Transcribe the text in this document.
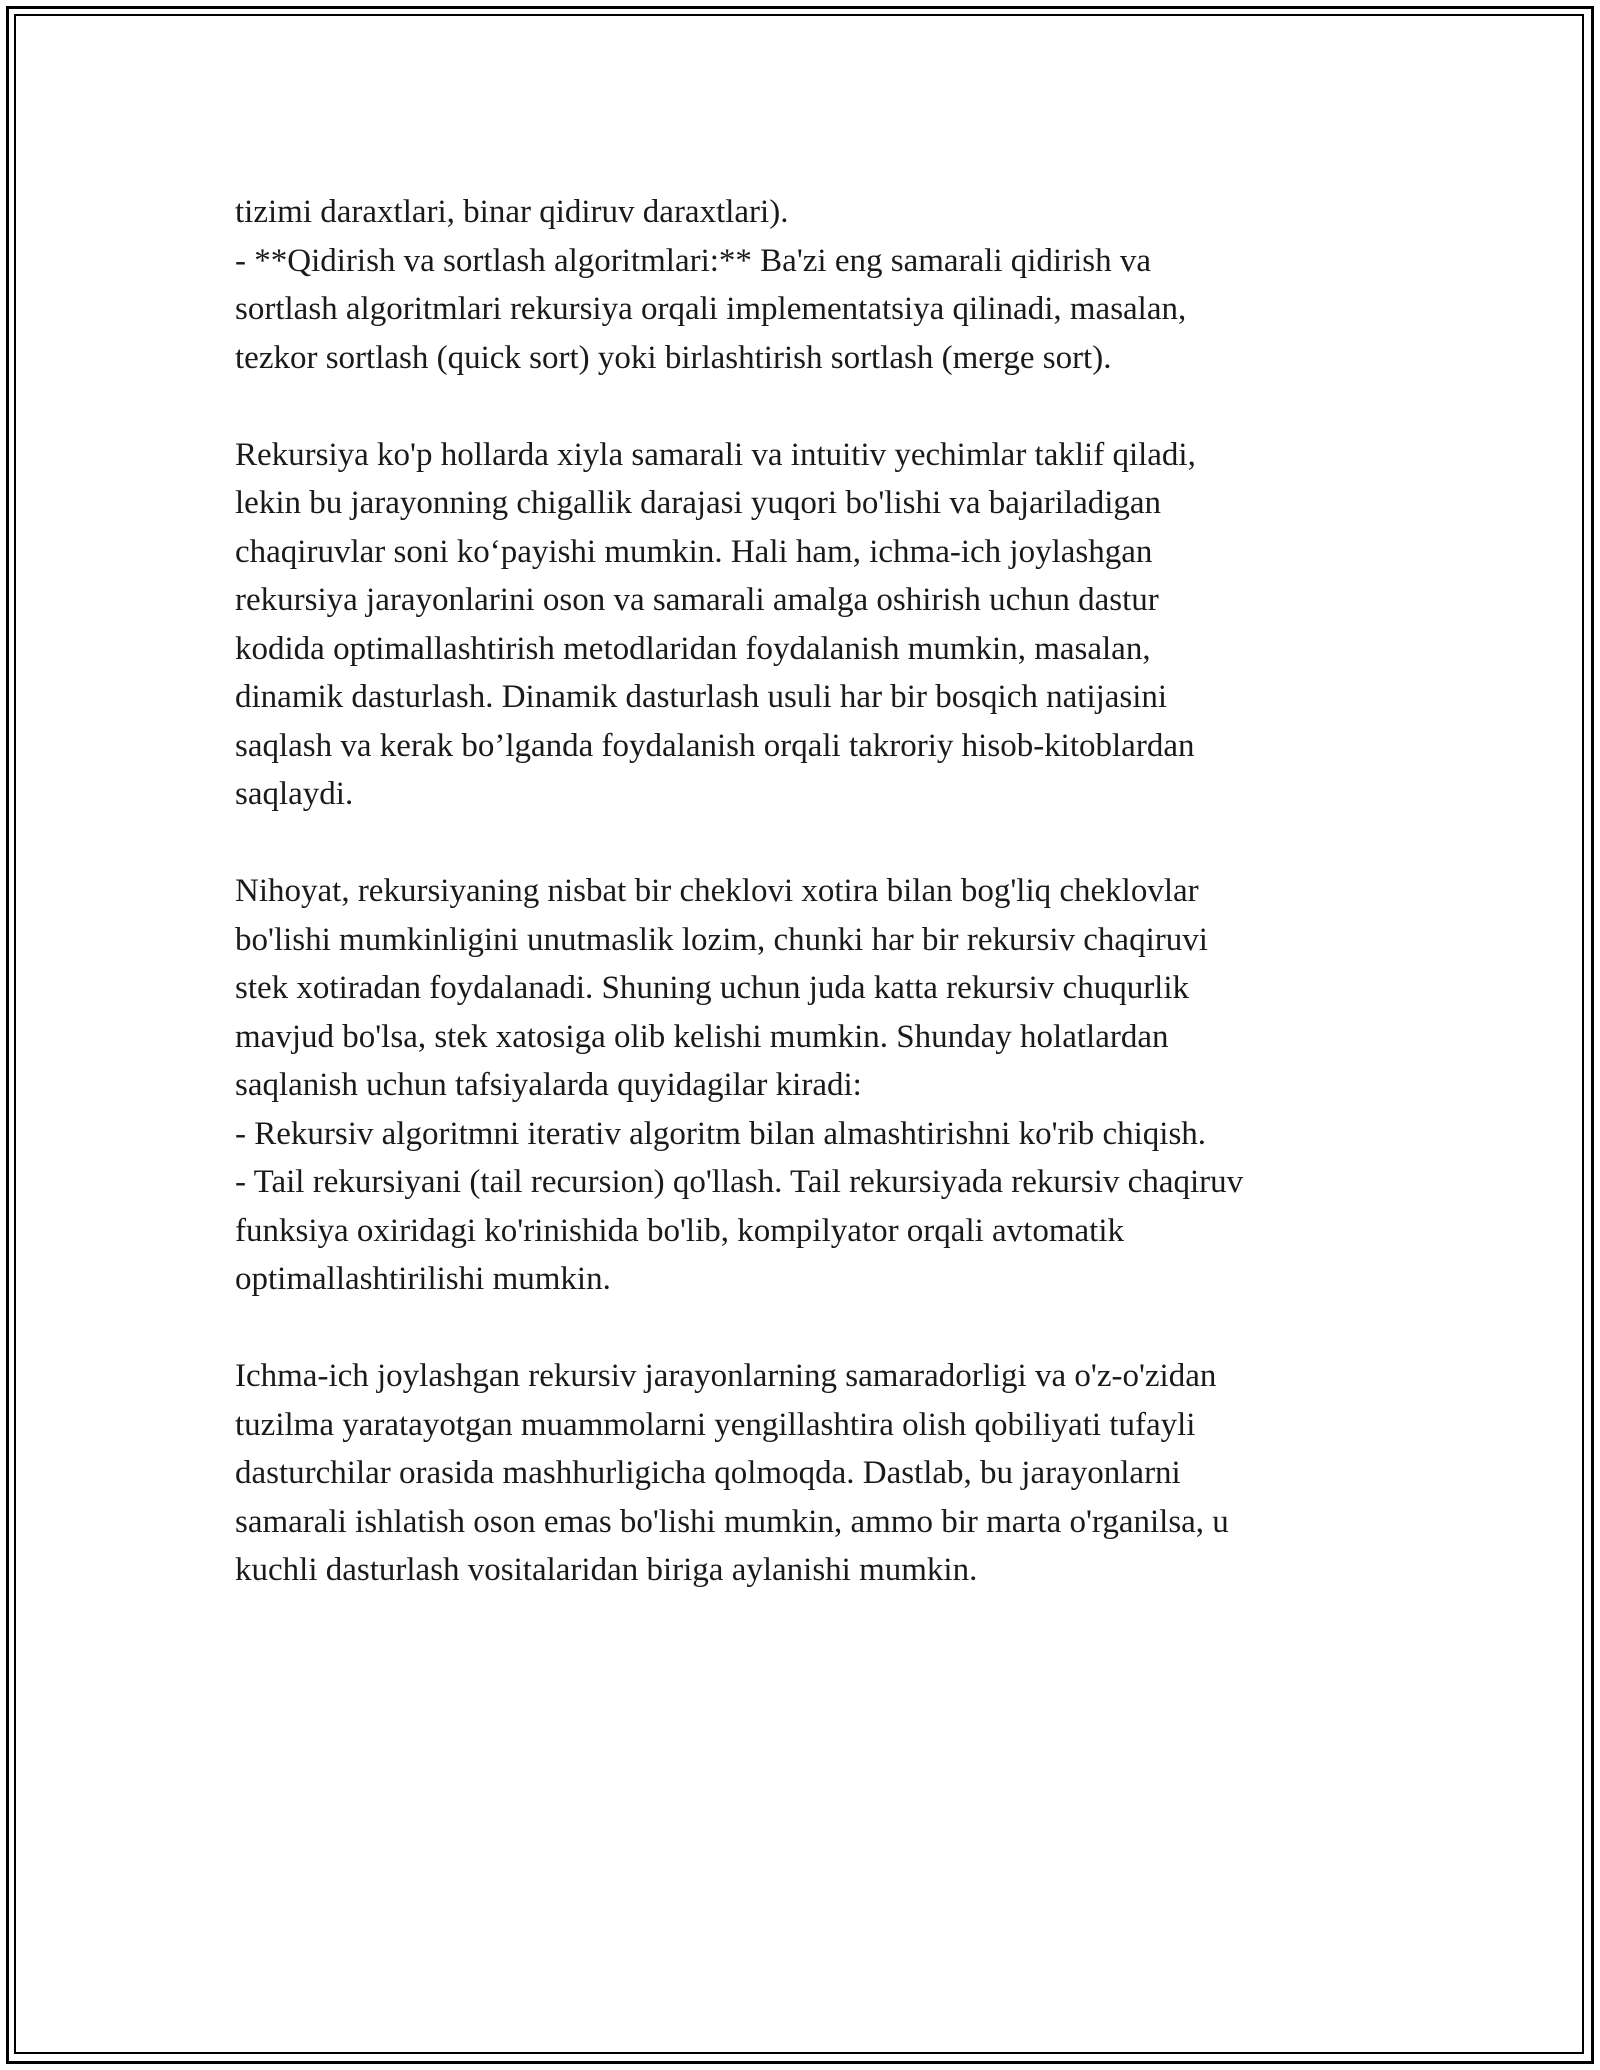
tizimi daraxtlari, binar qidiruv daraxtlari).
- **Qidirish va sortlash algoritmlari:** Ba'zi eng samarali qidirish va
sortlash algoritmlari rekursiya orqali implementatsiya qilinadi, masalan,
tezkor sortlash (quick sort) yoki birlashtirish sortlash (merge sort).
Rekursiya ko'p hollarda xiyla samarali va intuitiv yechimlar taklif qiladi,
lekin bu jarayonning chigallik darajasi yuqori bo'lishi va bajariladigan
chaqiruvlar soni ko‘payishi mumkin. Hali ham, ichma-ich joylashgan
rekursiya jarayonlarini oson va samarali amalga oshirish uchun dastur
kodida optimallashtirish metodlaridan foydalanish mumkin, masalan,
dinamik dasturlash. Dinamik dasturlash usuli har bir bosqich natijasini
saqlash va kerak bo’lganda foydalanish orqali takroriy hisob-kitoblardan
saqlaydi.
Nihoyat, rekursiyaning nisbat bir cheklovi xotira bilan bog'liq cheklovlar
bo'lishi mumkinligini unutmaslik lozim, chunki har bir rekursiv chaqiruvi
stek xotiradan foydalanadi. Shuning uchun juda katta rekursiv chuqurlik
mavjud bo'lsa, stek xatosiga olib kelishi mumkin. Shunday holatlardan
saqlanish uchun tafsiyalarda quyidagilar kiradi:
- Rekursiv algoritmni iterativ algoritm bilan almashtirishni ko'rib chiqish.
- Tail rekursiyani (tail recursion) qo'llash. Tail rekursiyada rekursiv chaqiruv
funksiya oxiridagi ko'rinishida bo'lib, kompilyator orqali avtomatik
optimallashtirilishi mumkin.
Ichma-ich joylashgan rekursiv jarayonlarning samaradorligi va o'z-o'zidan
tuzilma yaratayotgan muammolarni yengillashtira olish qobiliyati tufayli
dasturchilar orasida mashhurligicha qolmoqda. Dastlab, bu jarayonlarni
samarali ishlatish oson emas bo'lishi mumkin, ammo bir marta o'rganilsa, u
kuchli dasturlash vositalaridan biriga aylanishi mumkin.
